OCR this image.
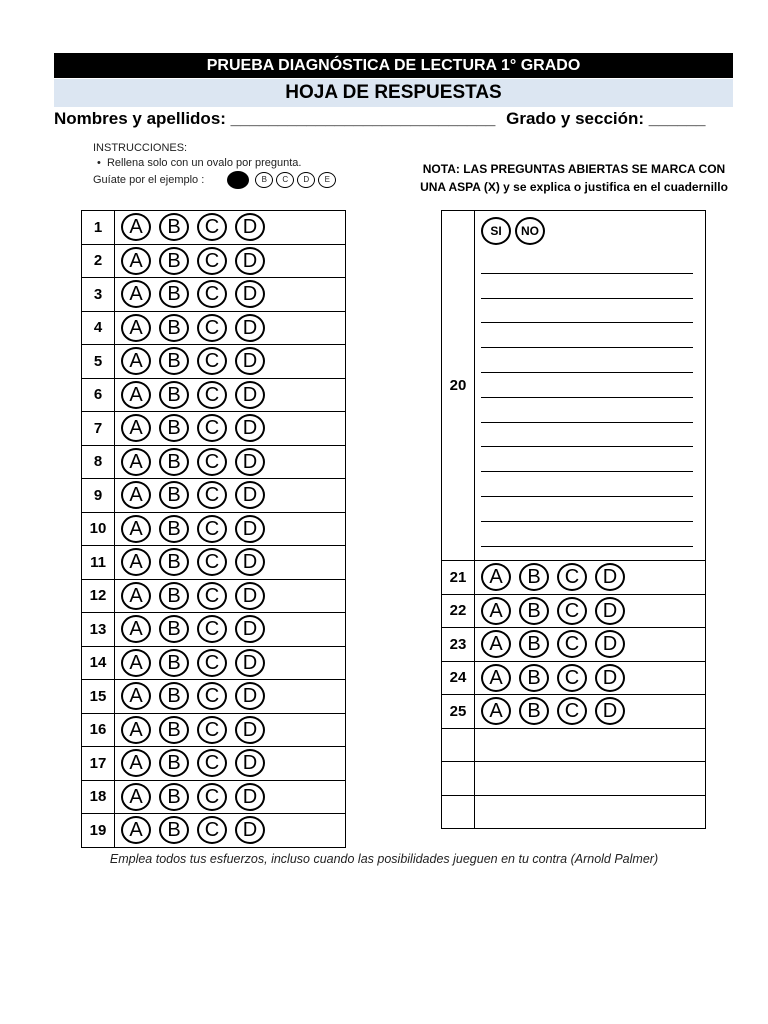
PRUEBA DIAGNÓSTICA DE LECTURA 1° GRADO
HOJA DE RESPUESTAS
Nombres y apellidos: ____________________________ Grado y sección: ______
INSTRUCCIONES:
•  Rellena solo con un ovalo por pregunta.
Guíate por el ejemplo :	B	C	D	E
NOTA: LAS PREGUNTAS ABIERTAS SE MARCA CON
UNA ASPA (X) y se explica o justifica en el cuadernillo
1	A B C D
2	A B C D
3	A B C D
4	A B C D
5	A B C D
6	A B C D
7	A B C D
8	A B C D
9	A B C D
10	A B C D
11	A B C D
12	A B C D
13	A B C D
14	A B C D
15	A B C D
16	A B C D
17	A B C D
18	A B C D
19	A B C D
20	SI NO

21	A B C D
22	A B C D
23	A B C D
24	A B C D
25	A B C D

Emplea todos tus esfuerzos, incluso cuando las posibilidades jueguen en tu contra (Arnold Palmer)
